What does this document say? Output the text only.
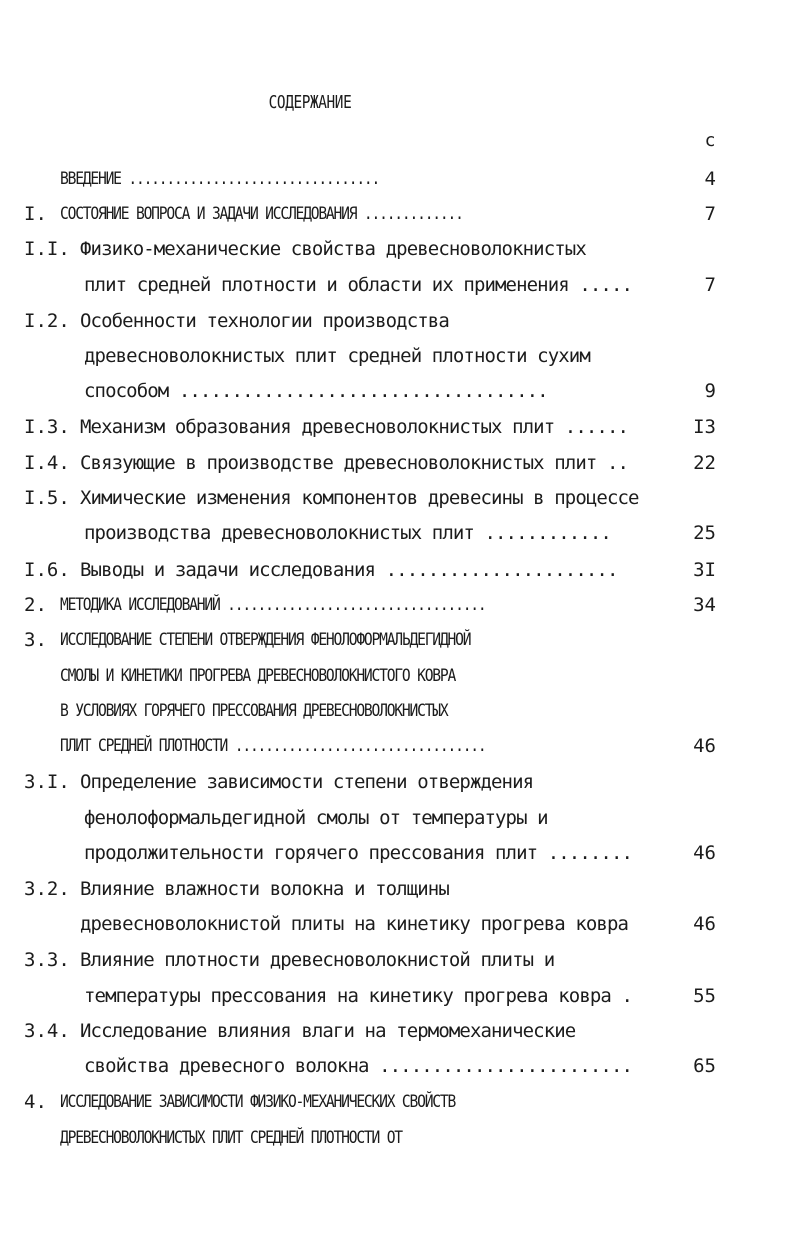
СОДЕРЖАНИЕ
с
ВВЕДЕНИЕ .................................	4
I. СОСТОЯНИЕ ВОПРОСА И ЗАДАЧИ ИССЛЕДОВАНИЯ .............	7
I.I. Физико-механические свойства древесноволокнистых
плит средней плотности и области их применения .....	7
I.2. Особенности технологии производства
древесноволокнистых плит средней плотности сухим
способом ...................................	9
I.3. Механизм образования древесноволокнистых плит ......	I3
I.4. Связующие в производстве древесноволокнистых плит ..	22
I.5. Химические изменения компонентов древесины в процессе
производства древесноволокнистых плит ............	25
I.6. Выводы и задачи исследования ......................	3I
2. МЕТОДИКА ИССЛЕДОВАНИЙ ..................................	34
3. ИССЛЕДОВАНИЕ СТЕПЕНИ ОТВЕРЖДЕНИЯ ФЕНОЛОФОРМАЛЬДЕГИДНОЙ
СМОЛЫ И КИНЕТИКИ ПРОГРЕВА ДРЕВЕСНОВОЛОКНИСТОГО КОВРА
В УСЛОВИЯХ ГОРЯЧЕГО ПРЕССОВАНИЯ ДРЕВЕСНОВОЛОКНИСТЫХ
ПЛИТ СРЕДНЕЙ ПЛОТНОСТИ .................................	46
3.I. Определение зависимости степени отверждения
фенолоформальдегидной смолы от температуры и
продолжительности горячего прессования плит ........	46
3.2. Влияние влажности волокна и толщины
древесноволокнистой плиты на кинетику прогрева ковра	46
3.3. Влияние плотности древесноволокнистой плиты и
температуры прессования на кинетику прогрева ковра .	55
3.4. Исследование влияния влаги на термомеханические
свойства древесного волокна ........................	65
4. ИССЛЕДОВАНИЕ ЗАВИСИМОСТИ ФИЗИКО-МЕХАНИЧЕСКИХ СВОЙСТВ
ДРЕВЕСНОВОЛОКНИСТЫХ ПЛИТ СРЕДНЕЙ ПЛОТНОСТИ ОТ
